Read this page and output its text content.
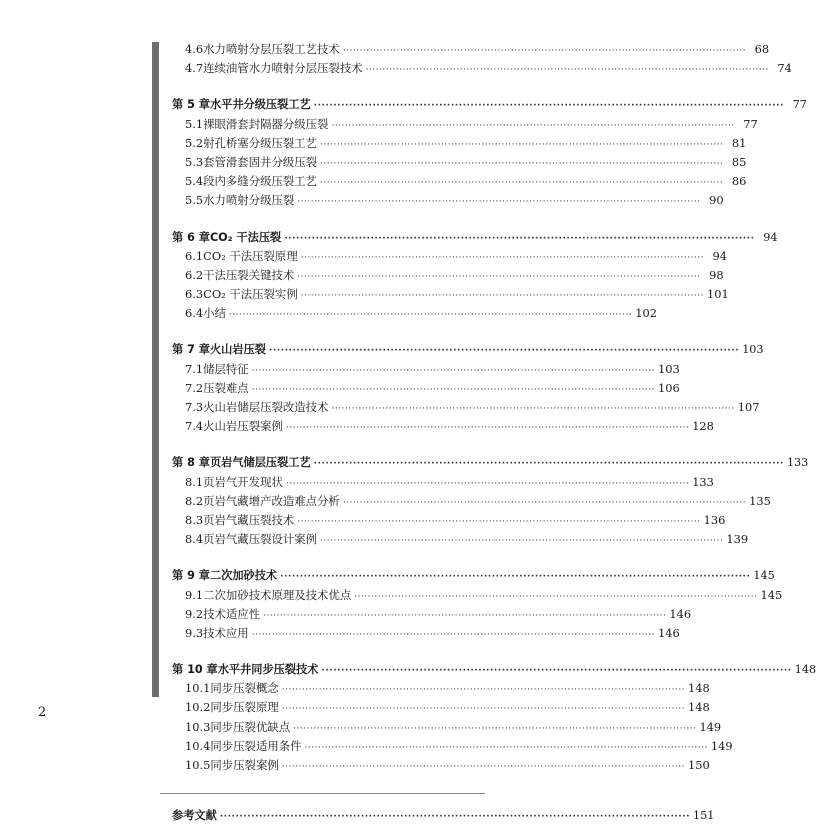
4.6 水力喷射分层压裂工艺技术 ························································································································ 68
4.7 连续油管水力喷射分层压裂技术 ························································································································ 74
第 5 章 水平井分级压裂工艺 ························································································································ 77
5.1 裸眼滑套封隔器分级压裂 ························································································································ 77
5.2 射孔桥塞分级压裂工艺 ························································································································ 81
5.3 套管滑套固井分级压裂 ························································································································ 85
5.4 段内多缝分级压裂工艺 ························································································································ 86
5.5 水力喷射分级压裂 ························································································································ 90
第 6 章 CO₂ 干法压裂 ························································································································ 94
6.1 CO₂ 干法压裂原理 ························································································································ 94
6.2 干法压裂关键技术 ························································································································ 98
6.3 CO₂ 干法压裂实例 ························································································································ 101
6.4 小结 ························································································································ 102
第 7 章 火山岩压裂 ························································································································ 103
7.1 储层特征 ························································································································ 103
7.2 压裂难点 ························································································································ 106
7.3 火山岩储层压裂改造技术 ························································································································ 107
7.4 火山岩压裂案例 ························································································································ 128
第 8 章 页岩气储层压裂工艺 ························································································································ 133
8.1 页岩气开发现状 ························································································································ 133
8.2 页岩气藏增产改造难点分析 ························································································································ 135
8.3 页岩气藏压裂技术 ························································································································ 136
8.4 页岩气藏压裂设计案例 ························································································································ 139
第 9 章 二次加砂技术 ························································································································ 145
9.1 二次加砂技术原理及技术优点 ························································································································ 145
9.2 技术适应性 ························································································································ 146
9.3 技术应用 ························································································································ 146
第 10 章 水平井同步压裂技术 ························································································································ 148
10.1 同步压裂概念 ························································································································ 148
10.2 同步压裂原理 ························································································································ 148
10.3 同步压裂优缺点 ························································································································ 149
10.4 同步压裂适用条件 ························································································································ 149
10.5 同步压裂案例 ························································································································ 150
参考文献 ························································································································ 151
2
